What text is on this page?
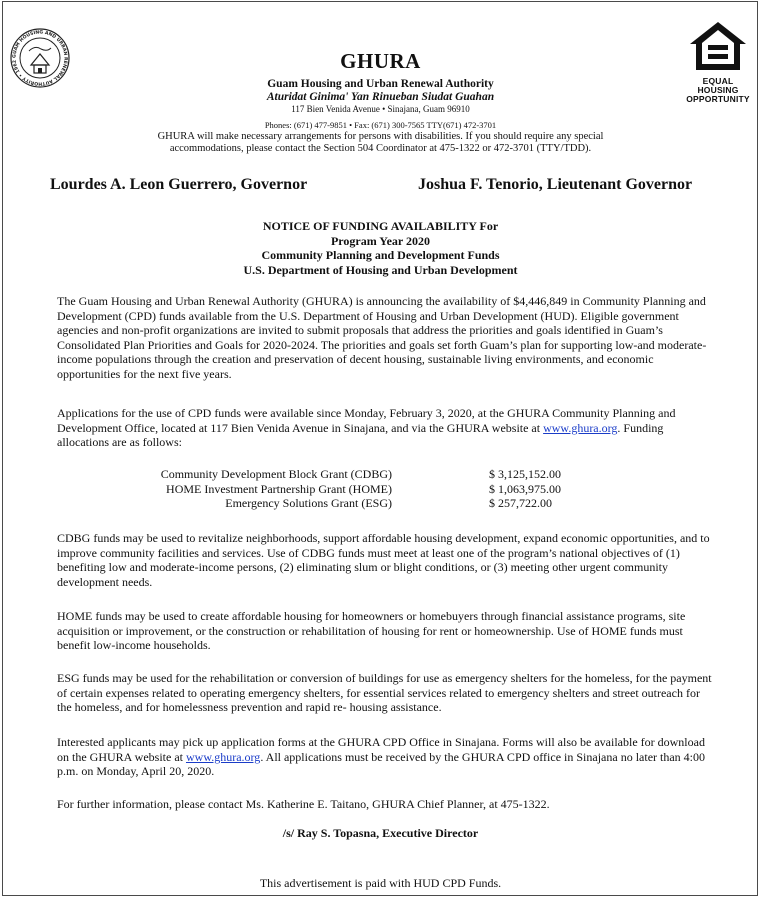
GUAM HOUSING AND URBAN RENEWAL AUTHORITY • 1962
EQUAL HOUSING OPPORTUNITY
GHURA
Guam Housing and Urban Renewal Authority
Aturidat Ginima' Yan Rinueban Siudat Guahan
117 Bien Venida Avenue • Sinajana, Guam 96910
Phones: (671) 477-9851 • Fax: (671) 300-7565 TTY(671) 472-3701
GHURA will make necessary arrangements for persons with disabilities. If you should require any special accommodations, please contact the Section 504 Coordinator at 475-1322 or 472-3701 (TTY/TDD).
Lourdes A. Leon Guerrero, Governor	Joshua F. Tenorio, Lieutenant Governor
NOTICE OF FUNDING AVAILABILITY For
Program Year 2020
Community Planning and Development Funds
U.S. Department of Housing and Urban Development
The Guam Housing and Urban Renewal Authority (GHURA) is announcing the availability of $4,446,849 in Community Planning and Development (CPD) funds available from the U.S. Department of Housing and Urban Development (HUD). Eligible government agencies and non-profit organizations are invited to submit proposals that address the priorities and goals identified in Guam’s Consolidated Plan Priorities and Goals for 2020-2024. The priorities and goals set forth Guam’s plan for supporting low-and moderate-income populations through the creation and preservation of decent housing, sustainable living environments, and economic opportunities for the next five years.
Applications for the use of CPD funds were available since Monday, February 3, 2020, at the GHURA Community Planning and Development Office, located at 117 Bien Venida Avenue in Sinajana, and via the GHURA website at www.ghura.org. Funding allocations are as follows:
Community Development Block Grant (CDBG)
HOME Investment Partnership Grant (HOME)
Emergency Solutions Grant (ESG)
$ 3,125,152.00
$ 1,063,975.00
$ 257,722.00
CDBG funds may be used to revitalize neighborhoods, support affordable housing development, expand economic opportunities, and to improve community facilities and services. Use of CDBG funds must meet at least one of the program’s national objectives of (1) benefiting low and moderate-income persons, (2) eliminating slum or blight conditions, or (3) meeting other urgent community development needs.
HOME funds may be used to create affordable housing for homeowners or homebuyers through financial assistance programs, site acquisition or improvement, or the construction or rehabilitation of housing for rent or homeownership. Use of HOME funds must benefit low-income households.
ESG funds may be used for the rehabilitation or conversion of buildings for use as emergency shelters for the homeless, for the payment of certain expenses related to operating emergency shelters, for essential services related to emergency shelters and street outreach for the homeless, and for homelessness prevention and rapid re- housing assistance.
Interested applicants may pick up application forms at the GHURA CPD Office in Sinajana. Forms will also be available for download on the GHURA website at www.ghura.org. All applications must be received by the GHURA CPD office in Sinajana no later than 4:00 p.m. on Monday, April 20, 2020.
For further information, please contact Ms. Katherine E. Taitano, GHURA Chief Planner, at 475-1322.
/s/ Ray S. Topasna, Executive Director
This advertisement is paid with HUD CPD Funds.
